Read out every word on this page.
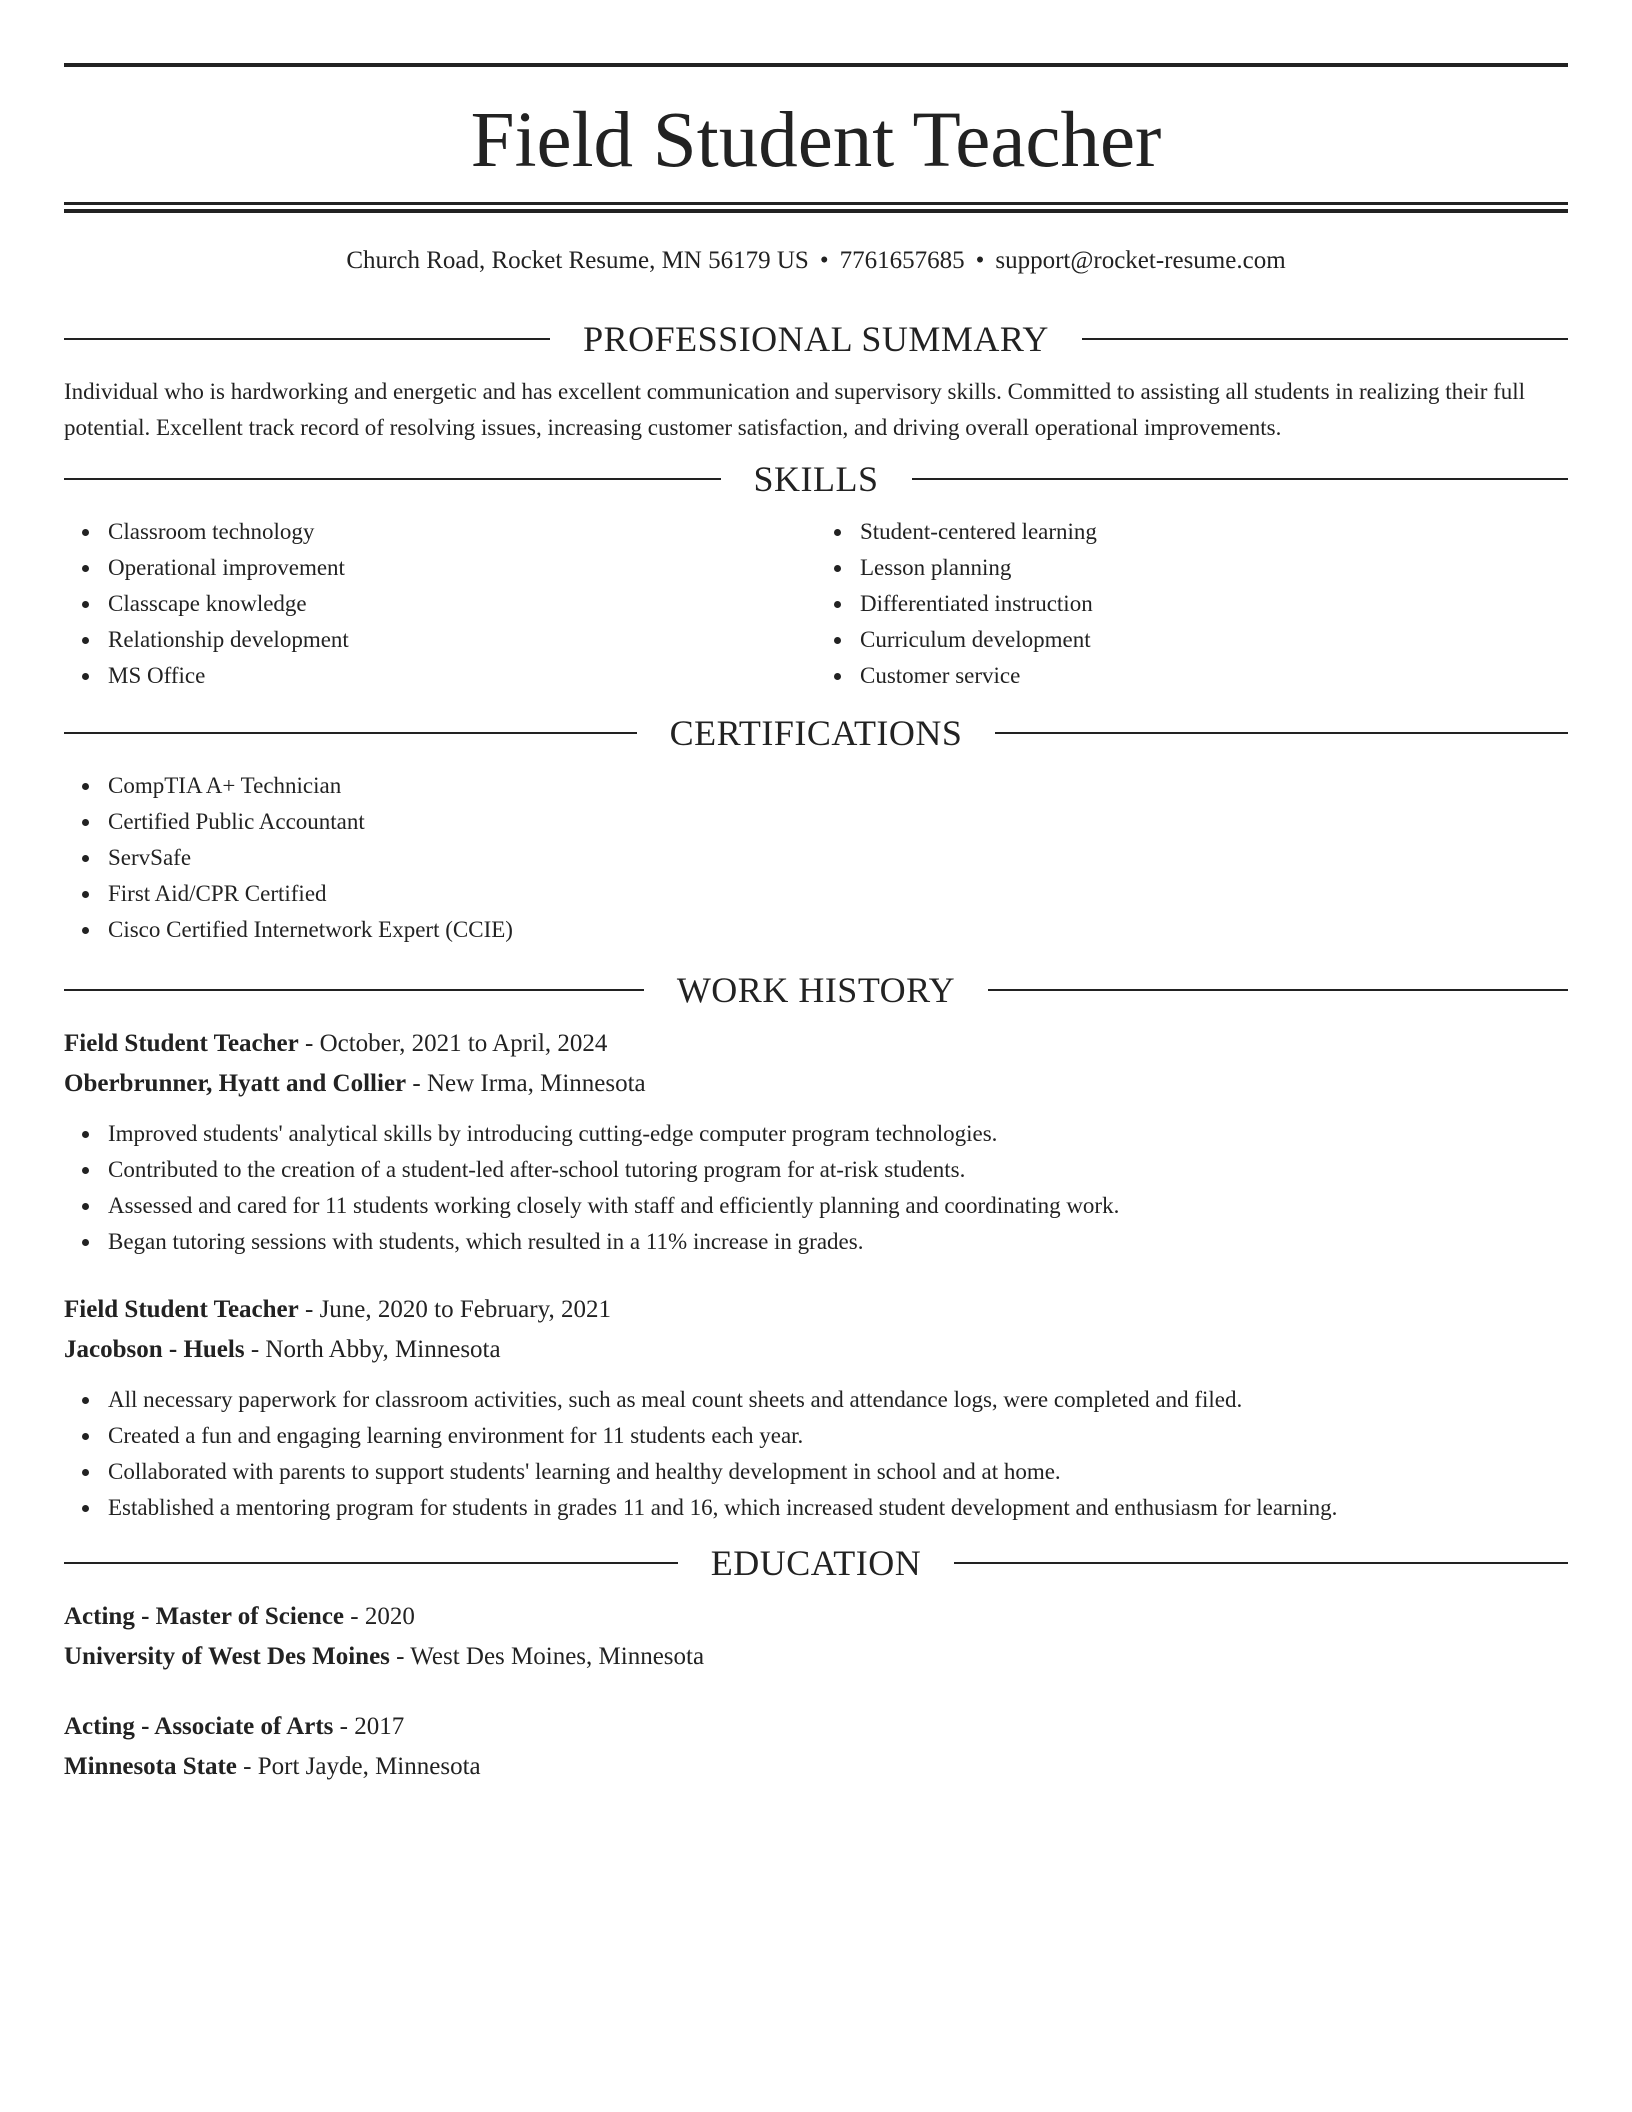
Field Student Teacher
Church Road, Rocket Resume, MN 56179 US • 7761657685 • support@rocket-resume.com
PROFESSIONAL SUMMARY

Individual who is hardworking and energetic and has excellent communication and supervisory skills. Committed to assisting all students in realizing their full potential. Excellent track record of resolving issues, increasing customer satisfaction, and driving overall operational improvements.

SKILLS
Classroom technology
Operational improvement
Classcape knowledge
Relationship development
MS Office
Student-centered learning
Lesson planning
Differentiated instruction
Curriculum development
Customer service
CERTIFICATIONS
CompTIA A+ Technician
Certified Public Accountant
ServSafe
First Aid/CPR Certified
Cisco Certified Internetwork Expert (CCIE)
WORK HISTORY
Field Student Teacher - October, 2021 to April, 2024
Oberbrunner, Hyatt and Collier - New Irma, Minnesota
Improved students' analytical skills by introducing cutting-edge computer program technologies.
Contributed to the creation of a student-led after-school tutoring program for at-risk students.
Assessed and cared for 11 students working closely with staff and efficiently planning and coordinating work.
Began tutoring sessions with students, which resulted in a 11% increase in grades.
Field Student Teacher - June, 2020 to February, 2021
Jacobson - Huels - North Abby, Minnesota
All necessary paperwork for classroom activities, such as meal count sheets and attendance logs, were completed and filed.
Created a fun and engaging learning environment for 11 students each year.
Collaborated with parents to support students' learning and healthy development in school and at home.
Established a mentoring program for students in grades 11 and 16, which increased student development and enthusiasm for learning.
EDUCATION
Acting - Master of Science - 2020
University of West Des Moines - West Des Moines, Minnesota
Acting - Associate of Arts - 2017
Minnesota State - Port Jayde, Minnesota
